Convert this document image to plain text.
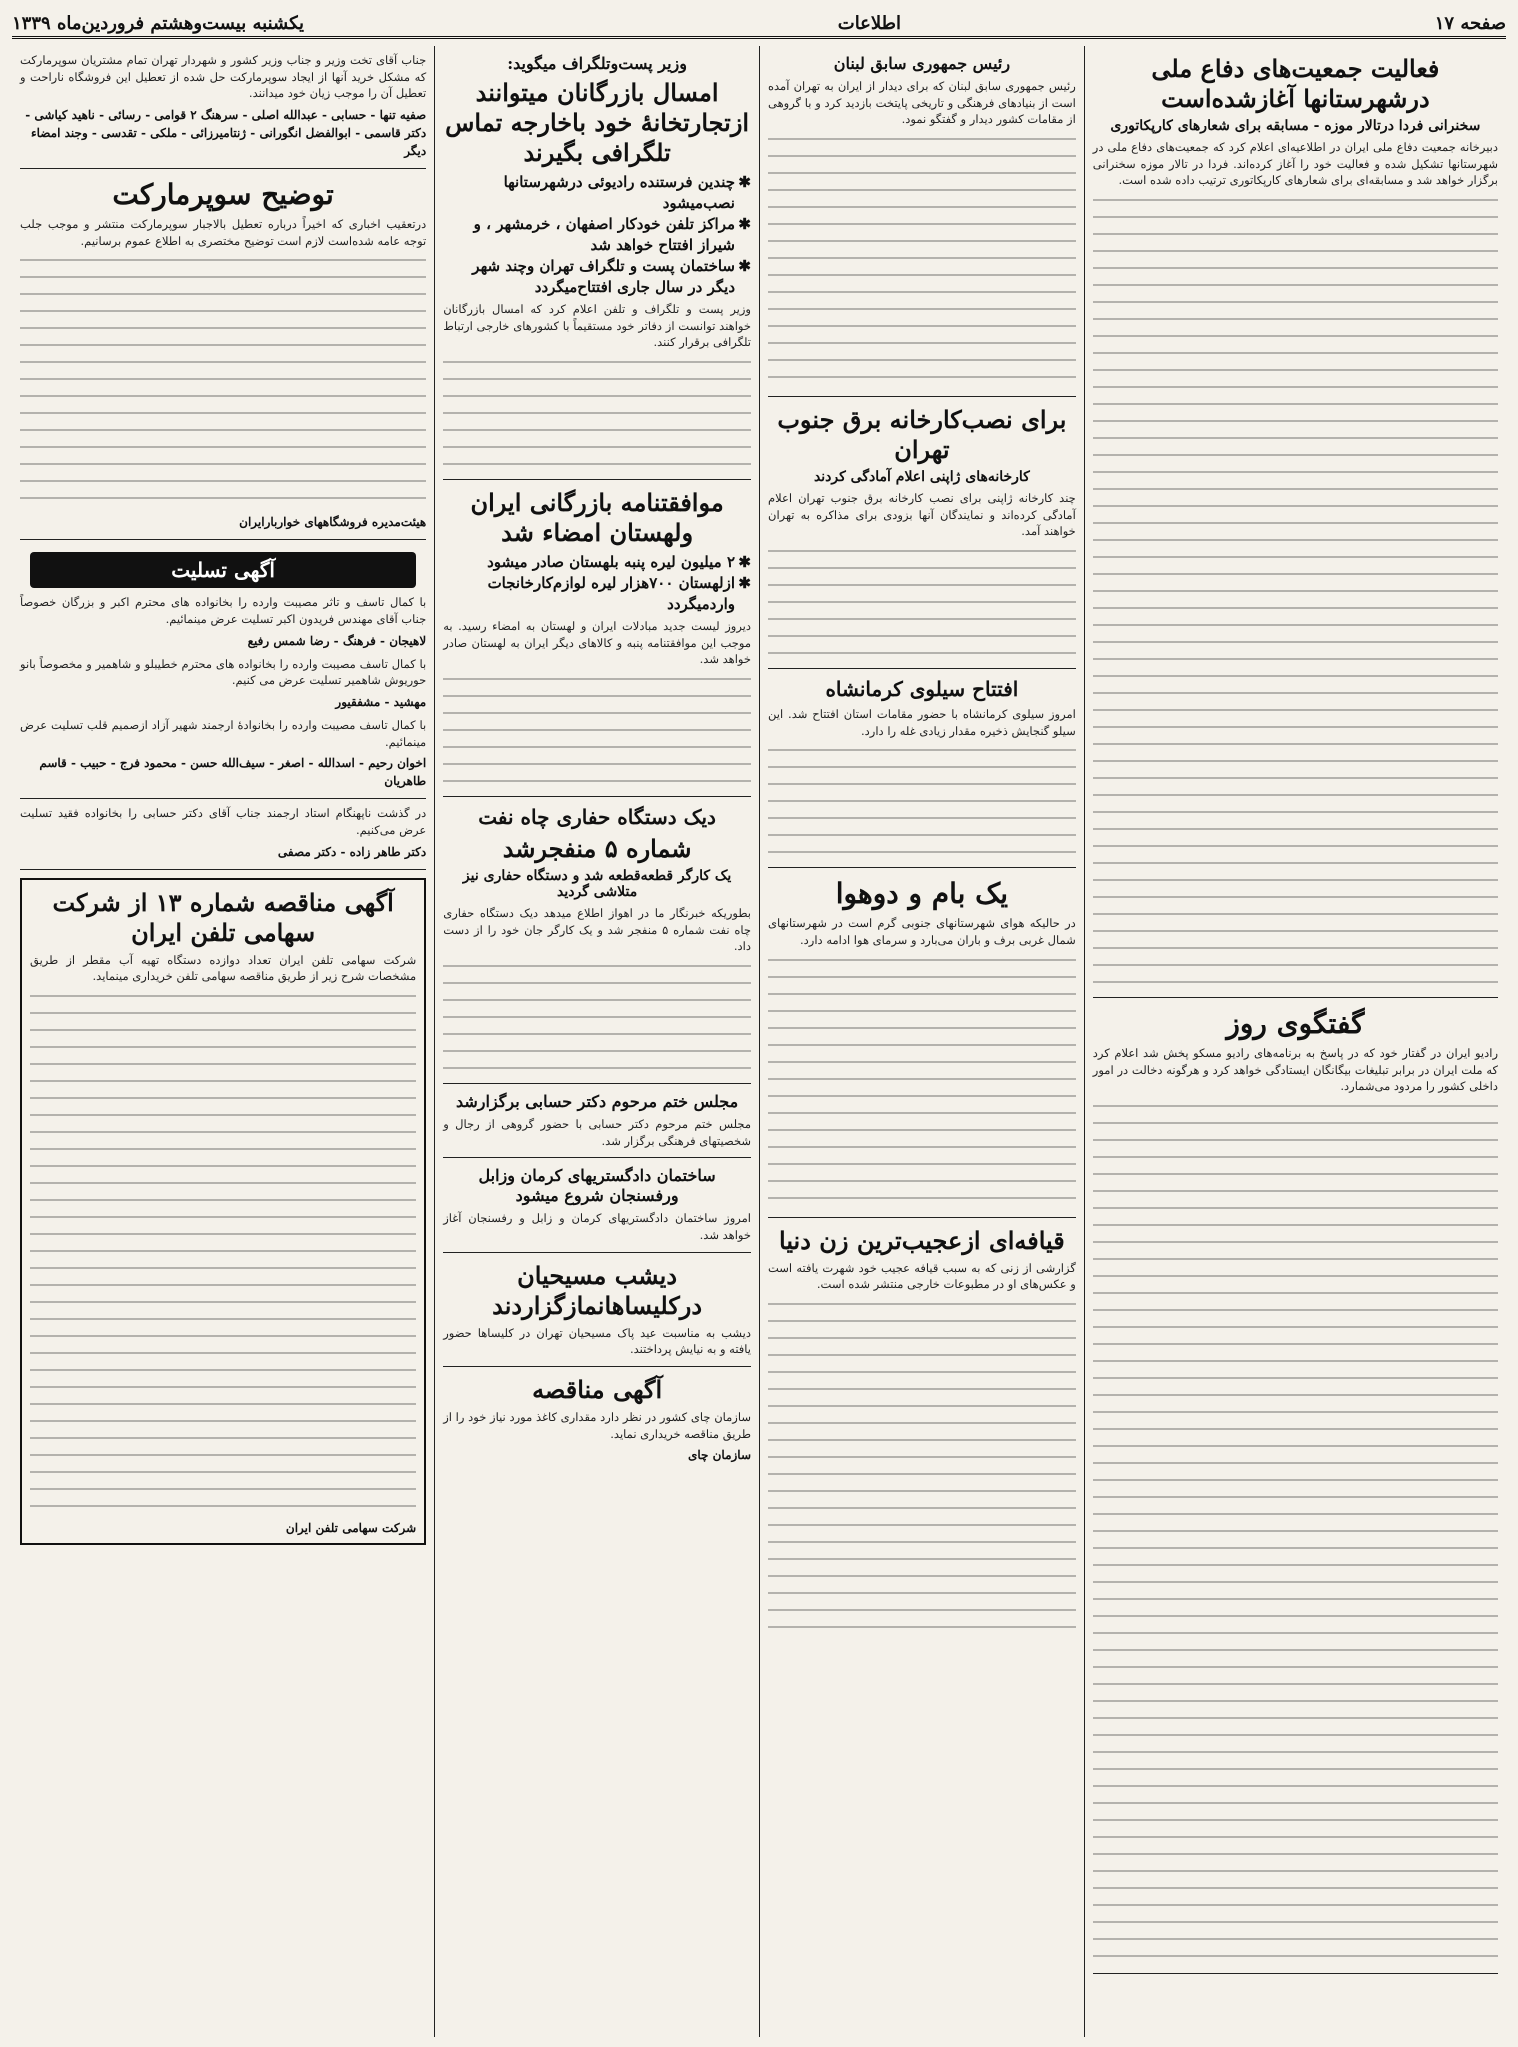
صفحه ۱۷
اطلاعات
یکشنبه بیست‌وهشتم فروردین‌ماه ۱۳۳۹
فعالیت جمعیت‌های دفاع ملی درشهرستانها آغازشده‌است
سخنرانی فردا درتالار موزه - مسابقه برای شعارهای کارپکاتوری
دبیرخانه جمعیت دفاع ملی ایران در اطلاعیه‌ای اعلام کرد که جمعیت‌های دفاع ملی در شهرستانها تشکیل شده و فعالیت خود را آغاز کرده‌اند. فردا در تالار موزه سخنرانی برگزار خواهد شد و مسابقه‌ای برای شعارهای کارپکاتوری ترتیب داده شده است.
گفتگوی روز
رادیو ایران در گفتار خود که در پاسخ به برنامه‌های رادیو مسکو پخش شد اعلام کرد که ملت ایران در برابر تبلیغات بیگانگان ایستادگی خواهد کرد و هرگونه دخالت در امور داخلی کشور را مردود می‌شمارد.
رئیس جمهوری سابق لبنان
رئیس جمهوری سابق لبنان که برای دیدار از ایران به تهران آمده است از بنیادهای فرهنگی و تاریخی پایتخت بازدید کرد و با گروهی از مقامات کشور دیدار و گفتگو نمود.
برای نصب‌کارخانه برق جنوب تهران
کارخانه‌های ژاپنی اعلام آمادگی کردند
چند کارخانه ژاپنی برای نصب کارخانه برق جنوب تهران اعلام آمادگی کرده‌اند و نمایندگان آنها بزودی برای مذاکره به تهران خواهند آمد.
افتتاح سیلوی کرمانشاه
امروز سیلوی کرمانشاه با حضور مقامات استان افتتاح شد. این سیلو گنجایش ذخیره مقدار زیادی غله را دارد.
یک بام و دوهوا
در حالیکه هوای شهرستانهای جنوبی گرم است در شهرستانهای شمال غربی برف و باران می‌بارد و سرمای هوا ادامه دارد.
قیافه‌ای ازعجیب‌ترین زن دنیا
گزارشی از زنی که به سبب قیافه عجیب خود شهرت یافته است و عکس‌های او در مطبوعات خارجی منتشر شده است.
وزیر پست‌وتلگراف میگوید:
امسال بازرگانان میتوانند ازتجارتخانهٔ خود باخارجه تماس تلگرافی بگیرند
✱ چندین فرستنده رادیوئی درشهرستانها نصب‌میشود
✱ مراکز تلفن خودکار اصفهان ، خرمشهر ، و شیراز افتتاح خواهد شد
✱ ساختمان پست و تلگراف تهران وچند شهر دیگر در سال جاری افتتاح‌میگردد
وزیر پست و تلگراف و تلفن اعلام کرد که امسال بازرگانان خواهند توانست از دفاتر خود مستقیماً با کشورهای خارجی ارتباط تلگرافی برقرار کنند.
موافقتنامه بازرگانی ایران ولهستان امضاء شد
✱ ۲ میلیون لیره پنبه بلهستان صادر میشود
✱ ازلهستان ۷۰۰هزار لیره لوازم‌کارخانجات واردمیگردد
دیروز لیست جدید مبادلات ایران و لهستان به امضاء رسید. به موجب این موافقتنامه پنبه و کالاهای دیگر ایران به لهستان صادر خواهد شد.
دیک دستگاه حفاری چاه نفت
شماره ۵ منفجرشد
یک کارگر قطعه‌قطعه شد و دستگاه حفاری نیز متلاشی گردید
بطوریکه خبرنگار ما در اهواز اطلاع میدهد دیک دستگاه حفاری چاه نفت شماره ۵ منفجر شد و یک کارگر جان خود را از دست داد.
مجلس ختم مرحوم دکتر حسابی برگزارشد
مجلس ختم مرحوم دکتر حسابی با حضور گروهی از رجال و شخصیتهای فرهنگی برگزار شد.
ساختمان دادگستریهای کرمان وزابل ورفسنجان شروع میشود
امروز ساختمان دادگستریهای کرمان و زابل و رفسنجان آغاز خواهد شد.
دیشب مسیحیان درکلیساهانمازگزاردند
دیشب به مناسبت عید پاک مسیحیان تهران در کلیساها حضور یافته و به نیایش پرداختند.
آگهی مناقصه
سازمان چای کشور در نظر دارد مقداری کاغذ مورد نیاز خود را از طریق مناقصه خریداری نماید.
سازمان چای
جناب آقای تخت وزیر و جناب وزیر کشور و شهردار تهران تمام مشتریان سوپرمارکت که مشکل خرید آنها از ایجاد سوپرمارکت حل شده از تعطیل این فروشگاه ناراحت و تعطیل آن را موجب زیان خود میدانند.
صفیه تنها - حسابی - عبدالله اصلی - سرهنگ ۲ قوامی - رسائی - ناهید کیاشی - دکتر قاسمی - ابوالفضل انگورانی - ژنتامیرزائی - ملکی - تقدسی - وجند امضاء دیگر
توضیح سوپرمارکت
درتعقیب اخباری که اخیراً درباره تعطیل بالاجبار سوپرمارکت منتشر و موجب جلب توجه عامه شده‌است لازم است توضیح مختصری به اطلاع عموم برسانیم.
هیئت‌مدیره فروشگاههای خواربارایران
آگهی تسلیت
با کمال تاسف و تاثر مصیبت وارده را بخانواده های محترم اکبر و بزرگان خصوصاً جناب آقای مهندس فریدون اکبر تسلیت عرض مینمائیم.
لاهیجان - فرهنگ - رضا شمس رفیع
با کمال تاسف مصیبت وارده را بخانواده های محترم خطیبلو و شاهمیر و مخصوصاً بانو حوریوش شاهمیر تسلیت عرض می کنیم.
مهشید - مشفقیور
با کمال تاسف مصیبت وارده را بخانوادهٔ ارجمند شهیر آزاد ازصمیم قلب تسلیت عرض مینمائیم.
اخوان رحیم - اسدالله - اصغر - سیف‌الله حسن - محمود فرج - حبیب - قاسم طاهریان
در گذشت ناپهنگام استاد ارجمند جناب آقای دکتر حسابی را بخانواده فقید تسلیت عرض می‌کنیم.
دکتر طاهر زاده - دکتر مصفی
آگهی مناقصه شماره ۱۳ از شرکت سهامی تلفن ایران
شرکت سهامی تلفن ایران تعداد دوازده دستگاه تهیه آب مقطر از طریق مشخصات شرح زیر از طریق مناقصه سهامی تلفن خریداری مینماید.
شرکت سهامی تلفن ایران
